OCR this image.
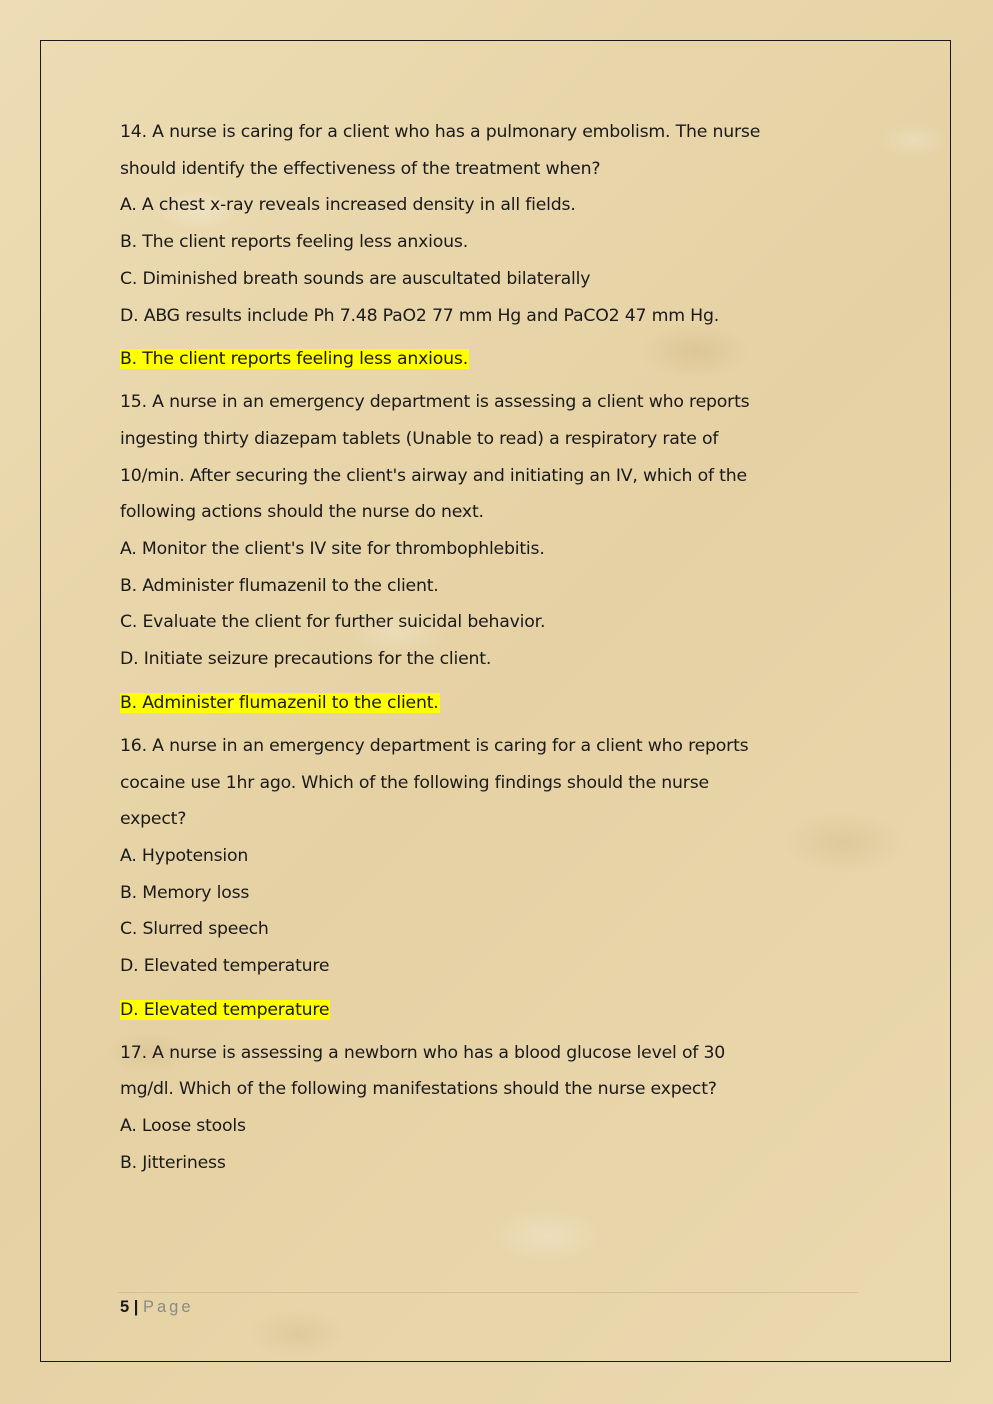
14. A nurse is caring for a client who has a pulmonary embolism. The nurse
should identify the effectiveness of the treatment when?
A. A chest x-ray reveals increased density in all fields.
B. The client reports feeling less anxious.
C. Diminished breath sounds are auscultated bilaterally
D. ABG results include Ph 7.48 PaO2 77 mm Hg and PaCO2 47 mm Hg.
B. The client reports feeling less anxious.
15. A nurse in an emergency department is assessing a client who reports
ingesting thirty diazepam tablets (Unable to read) a respiratory rate of
10/min. After securing the client's airway and initiating an IV, which of the
following actions should the nurse do next.
A. Monitor the client's IV site for thrombophlebitis.
B. Administer flumazenil to the client.
C. Evaluate the client for further suicidal behavior.
D. Initiate seizure precautions for the client.
B. Administer flumazenil to the client.
16. A nurse in an emergency department is caring for a client who reports
cocaine use 1hr ago. Which of the following findings should the nurse
expect?
A. Hypotension
B. Memory loss
C. Slurred speech
D. Elevated temperature
D. Elevated temperature
17. A nurse is assessing a newborn who has a blood glucose level of 30
mg/dl. Which of the following manifestations should the nurse expect?
A. Loose stools
B. Jitteriness
5 | Page
